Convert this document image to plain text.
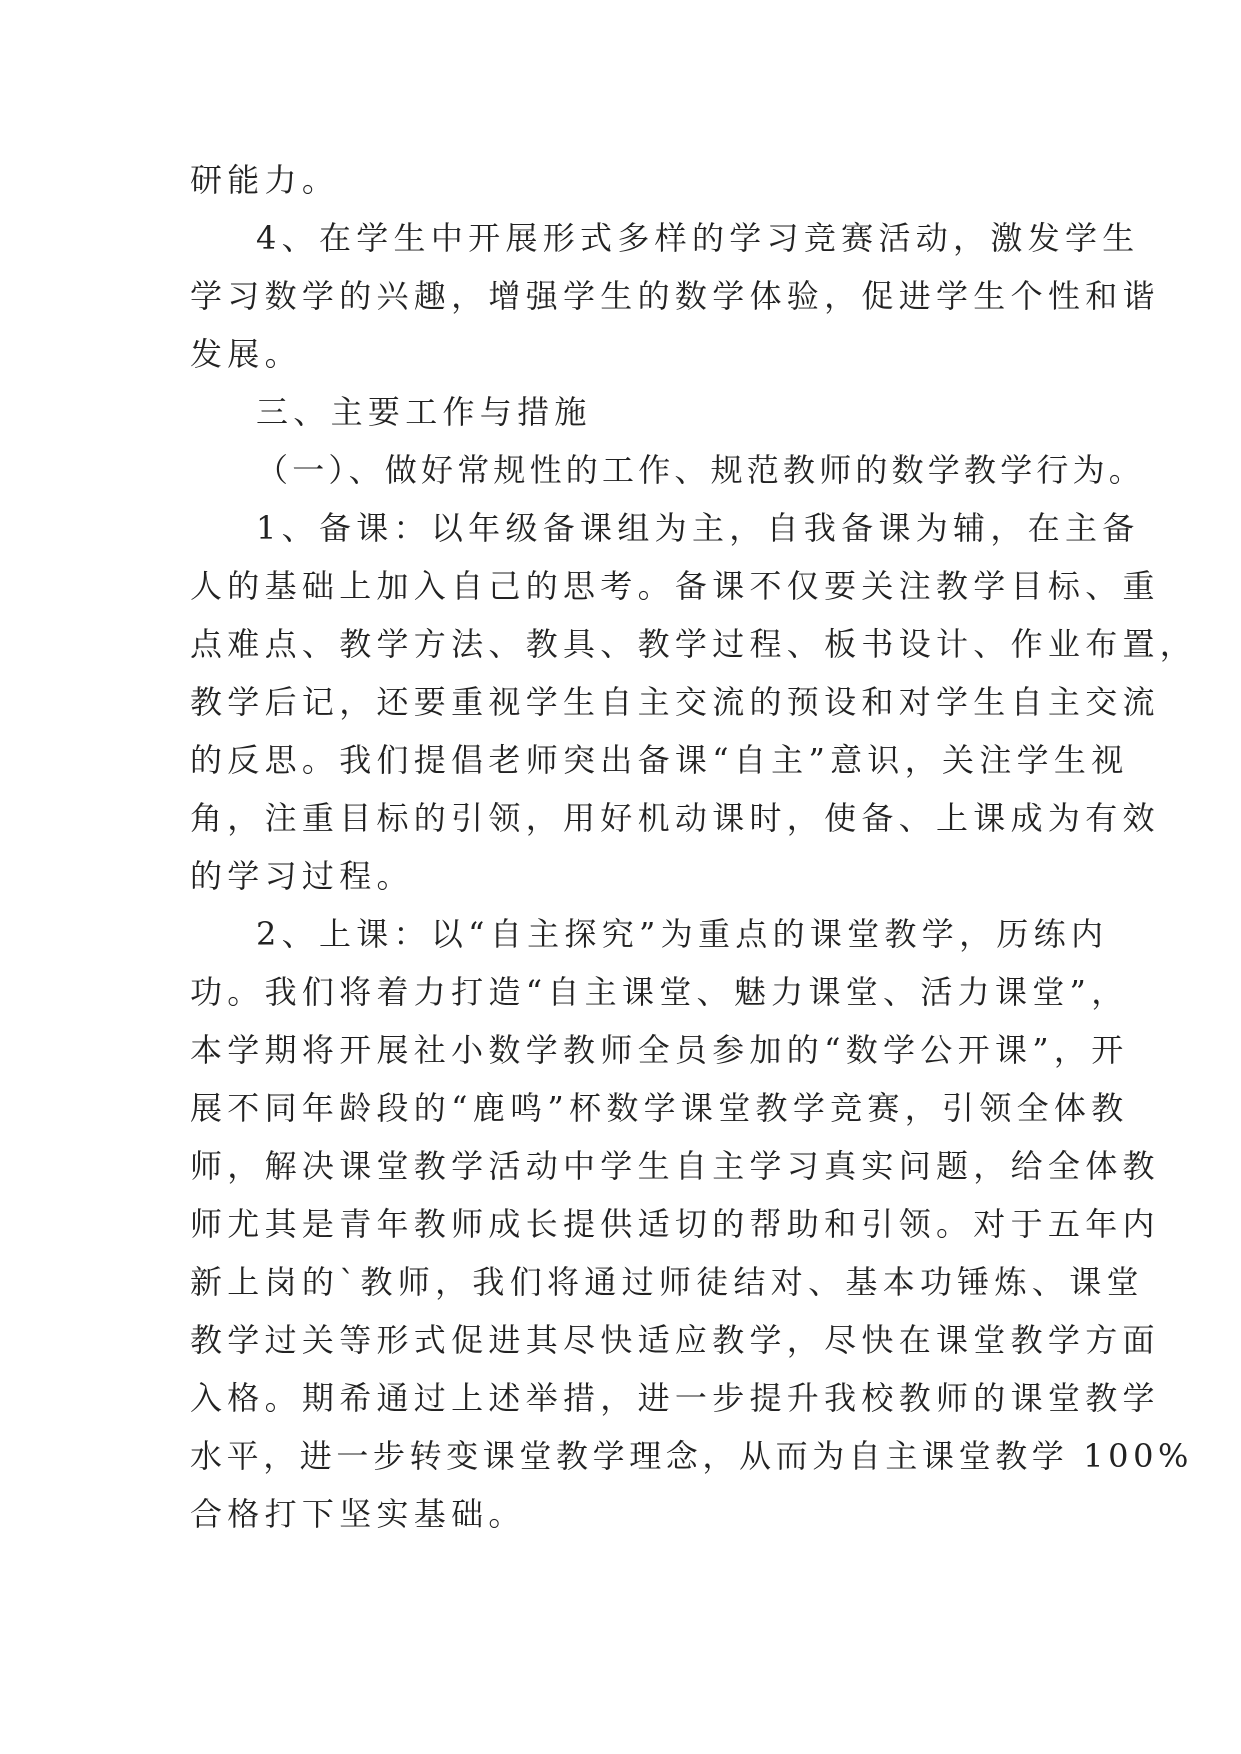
研能力。
4、在学生中开展形式多样的学习竞赛活动，激发学生
学习数学的兴趣，增强学生的数学体验，促进学生个性和谐
发展。
三、主要工作与措施
（一）、做好常规性的工作、规范教师的数学教学行为。
1、备课：以年级备课组为主，自我备课为辅，在主备
人的基础上加入自己的思考。备课不仅要关注教学目标、重
点难点、教学方法、教具、教学过程、板书设计、作业布置，
教学后记，还要重视学生自主交流的预设和对学生自主交流
的反思。我们提倡老师突出备课“自主”意识，关注学生视
角，注重目标的引领，用好机动课时，使备、上课成为有效
的学习过程。
2、上课：以“自主探究”为重点的课堂教学，历练内
功。我们将着力打造“自主课堂、魅力课堂、活力课堂”，
本学期将开展社小数学教师全员参加的“数学公开课”，开
展不同年龄段的“鹿鸣”杯数学课堂教学竞赛，引领全体教
师，解决课堂教学活动中学生自主学习真实问题，给全体教
师尤其是青年教师成长提供适切的帮助和引领。对于五年内
新上岗的`教师，我们将通过师徒结对、基本功锤炼、课堂
教学过关等形式促进其尽快适应教学，尽快在课堂教学方面
入格。期希通过上述举措，进一步提升我校教师的课堂教学
水平，进一步转变课堂教学理念，从而为自主课堂教学 100%
合格打下坚实基础。
